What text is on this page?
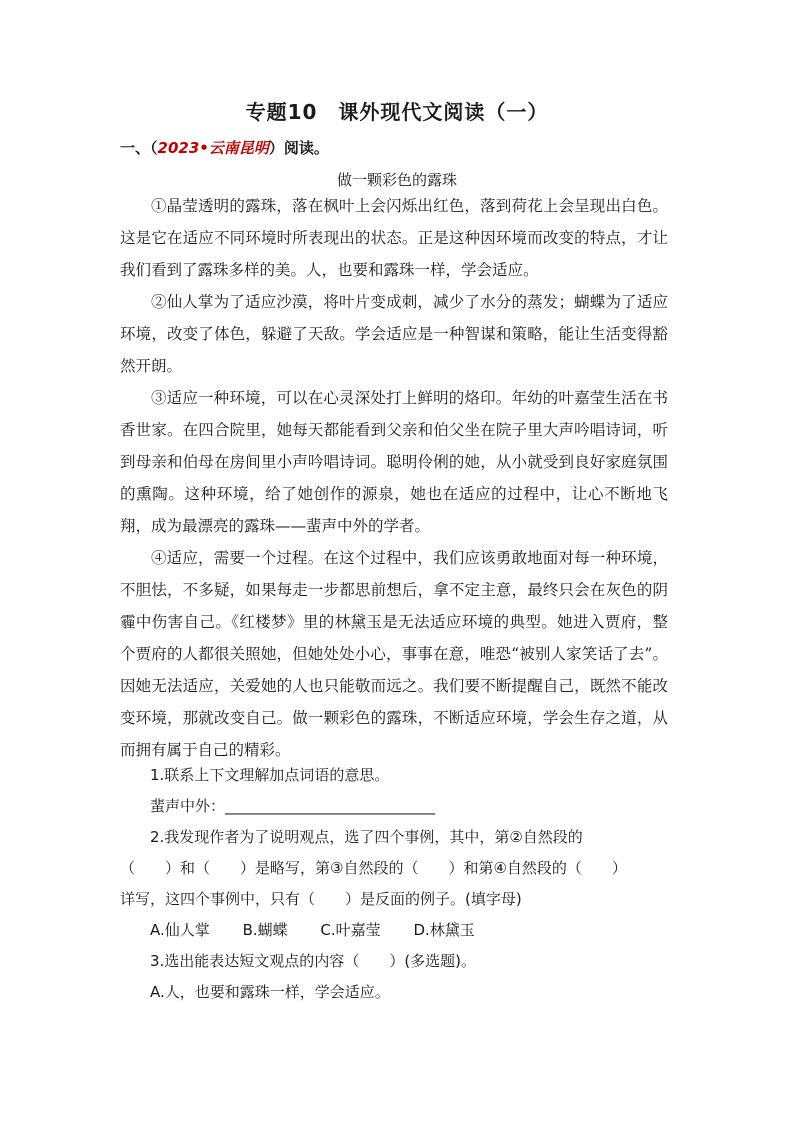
专题10　课外现代文阅读（一）
一、（2023•云南昆明）阅读。
做一颗彩色的露珠

①晶莹透明的露珠，落在枫叶上会闪烁出红色，落到荷花上会呈现出白色。这是它在适应不同环境时所表现出的状态。正是这种因环境而改变的特点，才让我们看到了露珠多样的美。人，也要和露珠一样，学会适应。

②仙人掌为了适应沙漠，将叶片变成刺，减少了水分的蒸发；蝴蝶为了适应环境，改变了体色，躲避了天敌。学会适应是一种智谋和策略，能让生活变得豁然开朗。

③适应一种环境，可以在心灵深处打上鲜明的烙印。年幼的叶嘉莹生活在书香世家。在四合院里，她每天都能看到父亲和伯父坐在院子里大声吟唱诗词，听到母亲和伯母在房间里小声吟唱诗词。聪明伶俐的她，从小就受到良好家庭氛围的熏陶。这种环境，给了她创作的源泉，她也在适应的过程中，让心不断地飞翔，成为最漂亮的露珠——蜚声中外的学者。

④适应，需要一个过程。在这个过程中，我们应该勇敢地面对每一种环境，不胆怯，不多疑，如果每走一步都思前想后，拿不定主意，最终只会在灰色的阴霾中伤害自己。《红楼梦》里的林黛玉是无法适应环境的典型。她进入贾府，整个贾府的人都很关照她，但她处处小心，事事在意，唯恐“被别人家笑话了去”。因她无法适应，关爱她的人也只能敬而远之。我们要不断提醒自己，既然不能改变环境，那就改变自己。做一颗彩色的露珠，不断适应环境，学会生存之道，从而拥有属于自己的精彩。

1.联系上下文理解加点词语的意思。
蜚声中外：____________________________
2.我发现作者为了说明观点，选了四个事例，其中，第②自然段的
（　　）和（　　）是略写，第③自然段的（　　）和第④自然段的（　　）
详写，这四个事例中，只有（　　）是反面的例子。(填字母)
A.仙人掌 B.蝴蝶 C.叶嘉莹 D.林黛玉
3.选出能表达短文观点的内容（　　）(多选题)。
A.人，也要和露珠一样，学会适应。
